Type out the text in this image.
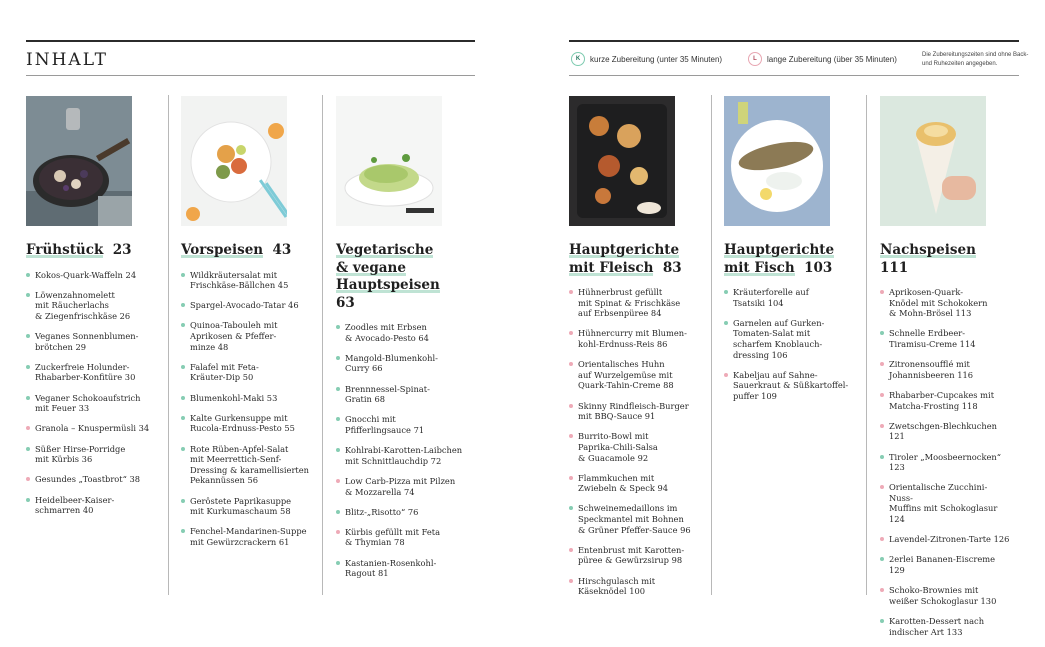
INHALT	K	kurze Zubereitung (unter 35 Minuten)	L	lange Zubereitung (über 35 Minuten)	Die Zubereitungszeiten sind ohne Back- und Ruhezeiten angegeben.
Frühstück 23
Kokos-Quark-Waffeln 24
Löwenzahnomelett
mit Räucherlachs
& Ziegenfrischkäse 26
Veganes Sonnenblumen-
brötchen 29
Zuckerfreie Holunder-
Rhabarber-Konfitüre 30
Veganer Schokoaufstrich
mit Feuer 33
Granola – Knuspermüsli 34
Süßer Hirse-Porridge
mit Kürbis 36
Gesundes „Toastbrot“ 38
Heidelbeer-Kaiser-
schmarren 40
Vorspeisen 43
Wildkräutersalat mit
Frischkäse-Bällchen 45
Spargel-Avocado-Tatar 46
Quinoa-Tabouleh mit
Aprikosen & Pfeffer-
minze 48
Falafel mit Feta-
Kräuter-Dip 50
Blumenkohl-Maki 53
Kalte Gurkensuppe mit
Rucola-Erdnuss-Pesto 55
Rote Rüben-Apfel-Salat
mit Meerrettich-Senf-
Dressing & karamellisierten
Pekannüssen 56
Gerôstete Paprikasuppe
mit Kurkumaschaum 58
Fenchel-Mandarinen-Suppe
mit Gewürzcrackern 61
Vegetarische
& vegane
Hauptspeisen  63
Zoodles mit Erbsen
& Avocado-Pesto 64
Mangold-Blumenkohl-
Curry 66
Brennnessel-Spinat-
Gratin 68
Gnocchi mit
Pfifferlingsauce 71
Kohlrabi-Karotten-Laibchen
mit Schnittlauchdip 72
Low Carb-Pizza mit Pilzen
& Mozzarella 74
Blitz-„Risotto“ 76
Kürbis gefüllt mit Feta
& Thymian 78
Kastanien-Rosenkohl-
Ragout 81
Hauptgerichte
mit Fleisch 83
Hühnerbrust gefüllt
mit Spinat & Frischkäse
auf Erbsenpüree 84
Hühnercurry mit Blumen-
kohl-Erdnuss-Reis 86
Orientalisches Huhn
auf Wurzelgemüse mit
Quark-Tahin-Creme 88
Skinny Rindfleisch-Burger
mit BBQ-Sauce 91
Burrito-Bowl mit
Paprika-Chili-Salsa
& Guacamole 92
Flammkuchen mit
Zwiebeln & Speck 94
Schweinemedaillons im
Speckmantel mit Bohnen
& Grüner Pfeffer-Sauce 96
Entenbrust mit Karotten-
püree & Gewürzsirup 98
Hirschgulasch mit
Käseknödel 100
Hauptgerichte
mit Fisch 103
Kräuterforelle auf
Tsatsiki 104
Garnelen auf Gurken-
Tomaten-Salat mit
scharfem Knoblauch-
dressing 106
Kabeljau auf Sahne-
Sauerkraut & Süßkartoffel-
puffer 109
Nachspeisen  111
Aprikosen-Quark-
Knödel mit Schokokern
& Mohn-Brösel 113
Schnelle Erdbeer-
Tiramisu-Creme 114
Zitronensoufflé mit
Johannisbeeren 116
Rhabarber-Cupcakes mit
Matcha-Frosting 118
Zwetschgen-Blechkuchen 121
Tiroler „Moosbeernocken“ 123
Orientalische Zucchini-Nuss-
Muffins mit Schokoglasur 124
Lavendel-Zitronen-Tarte 126
2erlei Bananen-Eiscreme 129
Schoko-Brownies mit
weißer Schokoglasur 130
Karotten-Dessert nach
indischer Art 133
